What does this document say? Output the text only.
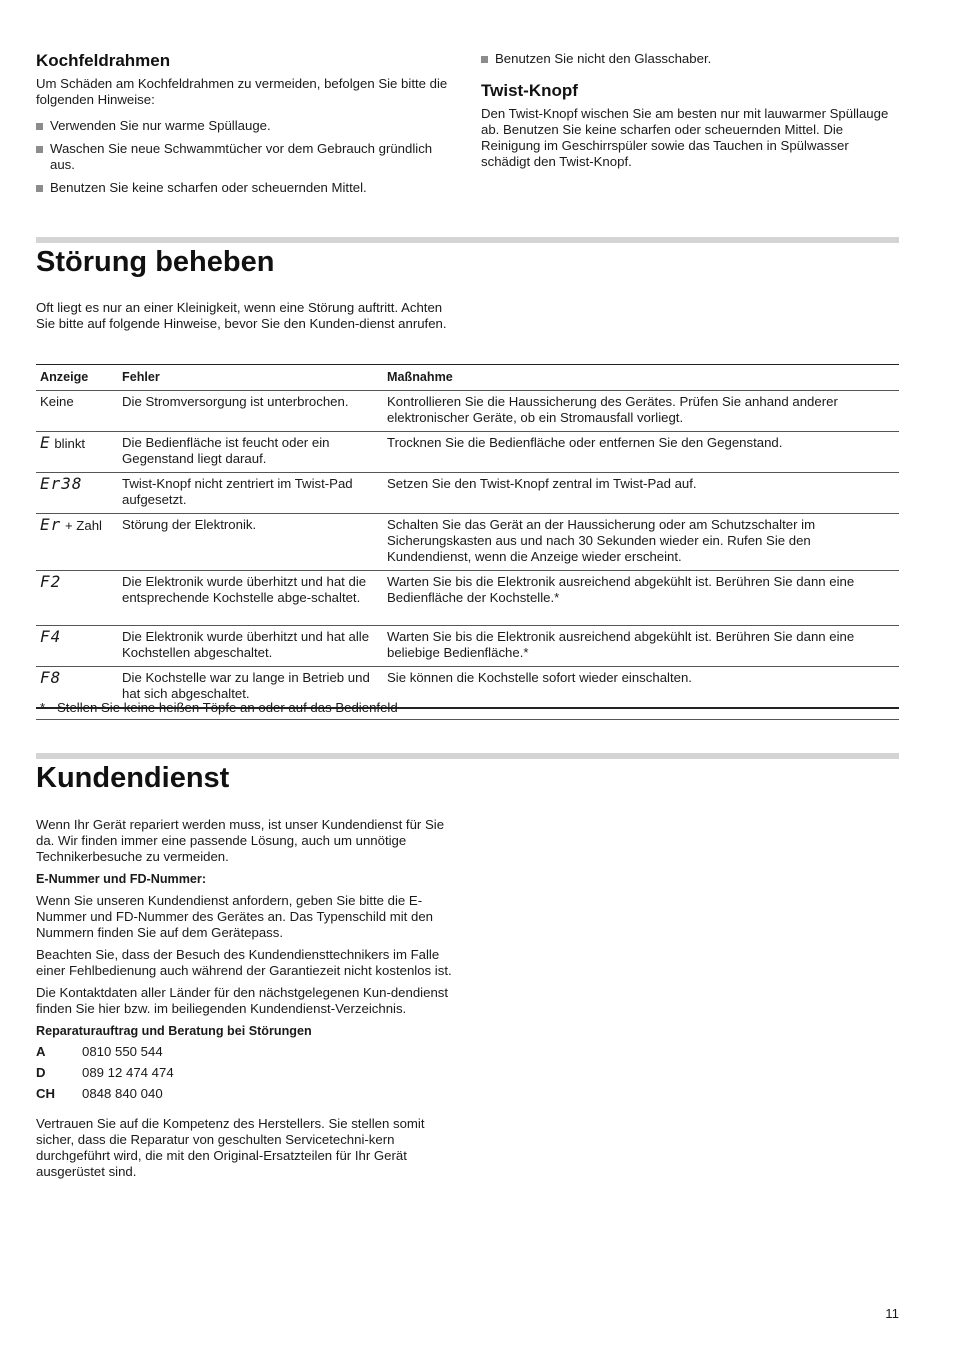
Kochfeldrahmen
Um Schäden am Kochfeldrahmen zu vermeiden, befolgen Sie bitte die folgenden Hinweise:
Verwenden Sie nur warme Spüllauge.
Waschen Sie neue Schwammtücher vor dem Gebrauch gründlich aus.
Benutzen Sie keine scharfen oder scheuernden Mittel.
Benutzen Sie nicht den Glasschaber.
Twist-Knopf
Den Twist-Knopf wischen Sie am besten nur mit lauwarmer Spüllauge ab. Benutzen Sie keine scharfen oder scheuernden Mittel. Die Reinigung im Geschirrspüler sowie das Tauchen in Spülwasser schädigt den Twist-Knopf.
Störung beheben
Oft liegt es nur an einer Kleinigkeit, wenn eine Störung auftritt. Achten Sie bitte auf folgende Hinweise, bevor Sie den Kunden-dienst anrufen.
Anzeige	Fehler	Maßnahme
Keine	Die Stromversorgung ist unterbrochen.	Kontrollieren Sie die Haussicherung des Gerätes. Prüfen Sie anhand anderer elektronischer Geräte, ob ein Stromausfall vorliegt.
E blinkt	Die Bedienfläche ist feucht oder ein Gegenstand liegt darauf.	Trocknen Sie die Bedienfläche oder entfernen Sie den Gegenstand.
Er38	Twist-Knopf nicht zentriert im Twist-Pad aufgesetzt.	Setzen Sie den Twist-Knopf zentral im Twist-Pad auf.
Er + Zahl	Störung der Elektronik.	Schalten Sie das Gerät an der Haussicherung oder am Schutzschalter im Sicherungskasten aus und nach 30 Sekunden wieder ein. Rufen Sie den Kundendienst, wenn die Anzeige wieder erscheint.
F2	Die Elektronik wurde überhitzt und hat die entsprechende Kochstelle abge-schaltet.	Warten Sie bis die Elektronik ausreichend abgekühlt ist. Berühren Sie dann eine Bedienfläche der Kochstelle.*
F4	Die Elektronik wurde überhitzt und hat alle Kochstellen abgeschaltet.	Warten Sie bis die Elektronik ausreichend abgekühlt ist. Berühren Sie dann eine beliebige Bedienfläche.*
F8	Die Kochstelle war zu lange in Betrieb und hat sich abgeschaltet.	Sie können die Kochstelle sofort wieder einschalten.
* Stellen Sie keine heißen Töpfe an oder auf das Bedienfeld
Kundendienst
Wenn Ihr Gerät repariert werden muss, ist unser Kundendienst für Sie da. Wir finden immer eine passende Lösung, auch um unnötige Technikerbesuche zu vermeiden.
E-Nummer und FD-Nummer:
Wenn Sie unseren Kundendienst anfordern, geben Sie bitte die E-Nummer und FD-Nummer des Gerätes an. Das Typenschild mit den Nummern finden Sie auf dem Gerätepass.
Beachten Sie, dass der Besuch des Kundendiensttechnikers im Falle einer Fehlbedienung auch während der Garantiezeit nicht kostenlos ist.
Die Kontaktdaten aller Länder für den nächstgelegenen Kun-dendienst finden Sie hier bzw. im beiliegenden Kundendienst-Verzeichnis.
Reparaturauftrag und Beratung bei Störungen
A	0810 550 544
D	089 12 474 474
CH 0848 840 040
Vertrauen Sie auf die Kompetenz des Herstellers. Sie stellen somit sicher, dass die Reparatur von geschulten Servicetechni-kern durchgeführt wird, die mit den Original-Ersatzteilen für Ihr Gerät ausgerüstet sind.
11
